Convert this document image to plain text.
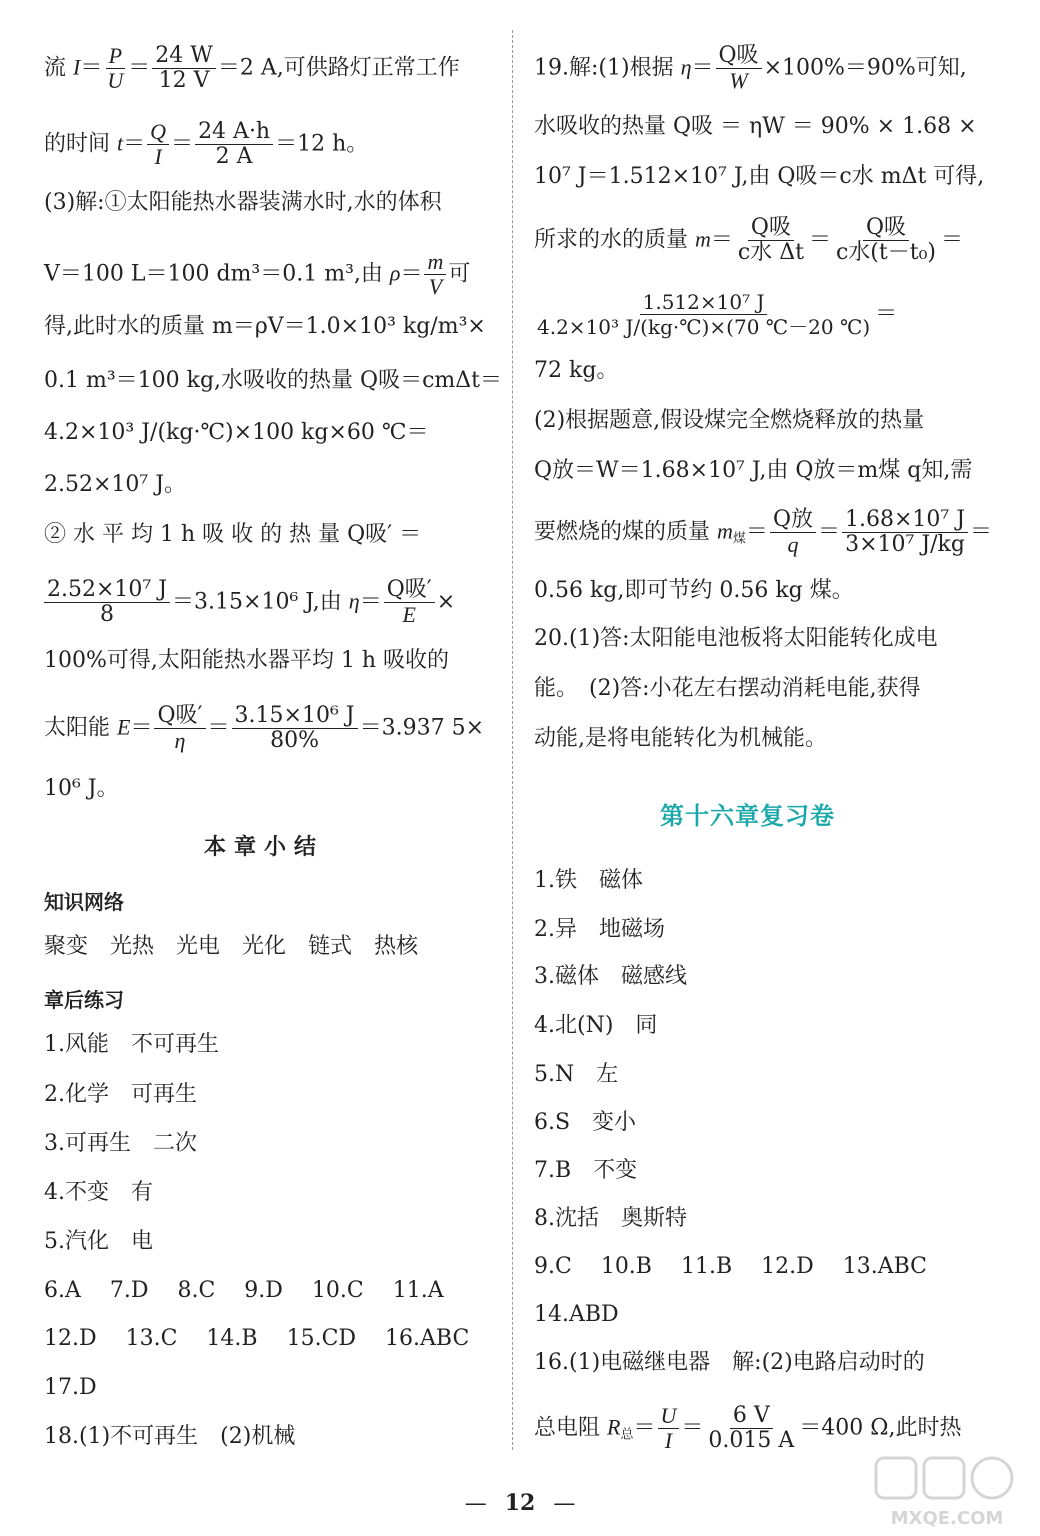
流 $I= \frac{P}{U} = \frac{24 W}{12 V} =2$ A,可供路灯正常工作
的时间 $t= \frac{Q}{I} = \frac{24 A\cdot h}{2 A} =12$ h。
(3)解:①太阳能热水器装满水时,水的体积
V＝100 L＝100 dm³＝0.1 m³,由 $\rho= \frac{m}{V}$ 可
得,此时水的质量 m＝ρV＝1.0×10³ kg/m³×
0.1 m³＝100 kg,水吸收的热量 Q吸＝cmΔt＝
4.2×10³ J/(kg·℃)×100 kg×60 ℃＝
2.52×10⁷ J。
② 水 平 均 1 h 吸 收 的 热 量 Q吸′ ＝
$\frac{\text{2.52×10⁷ J}}{8} =3.15\times 10^6$ J,由 $\eta= \frac{\text{Q吸′}}{E}$ ×
100%可得,太阳能热水器平均 1 h 吸收的
太阳能 $E= \frac{\text{Q吸′}}{\eta} = \frac{\text{3.15×10⁶ J}}{80\%} =3.937$ 5×
10⁶ J。
本章小结
知识网络
聚变 光热 光电 光化 链式 热核
章后练习
1.风能　不可再生
2.化学　可再生
3.可再生　二次
4.不变　有
5.汽化　电
6.A　 7.D　 8.C　 9.D　 10.C　 11.A
12.D　 13.C　 14.B　 15.CD　 16.ABC
17.D
18.(1)不可再生　(2)机械
19.解:(1)根据 $\eta= \frac{\text{Q吸}}{W} \times 100\%=90\%$可知,
水吸收的热量 Q吸 ＝ ηW ＝ 90% × 1.68 ×
10⁷ J＝1.512×10⁷ J,由 Q吸＝c水 mΔt 可得,
所求的水的质量 $m= \frac{\text{Q吸}}{\text{c水 Δt}} = \frac{\text{Q吸}}{\text{c水(t－t₀)}}$ ＝
$\frac{\text{1.512×10⁷ J}}{\text{4.2×10³ J/(kg·℃)×(70 ℃－20 ℃)}}$ ＝
72 kg。
(2)根据题意,假设煤完全燃烧释放的热量
Q放＝W＝1.68×10⁷ J,由 Q放＝m煤 q知,需
要燃烧的煤的质量 $m_煤= \frac{\text{Q放}}{q} = \frac{\text{1.68×10⁷ J}}{\text{3×10⁷ J/kg}}$ ＝
0.56 kg,即可节约 0.56 kg 煤。
20.(1)答:太阳能电池板将太阳能转化成电
能。　(2)答:小花左右摆动消耗电能,获得
动能,是将电能转化为机械能。
第十六章复习卷
1.铁　磁体
2.异　地磁场
3.磁体　磁感线
4.北(N)　同
5.N　左
6.S　变小
7.B　不变
8.沈括　奥斯特
9.C　 10.B　 11.B　 12.D　 13.ABC
14.ABD
16.(1)电磁继电器　解:(2)电路启动时的
总电阻 $R_总= \frac{U}{I} = \frac{6 V}{0.015 A} =400$ Ω,此时热
— 12 —
MXQE.COM
